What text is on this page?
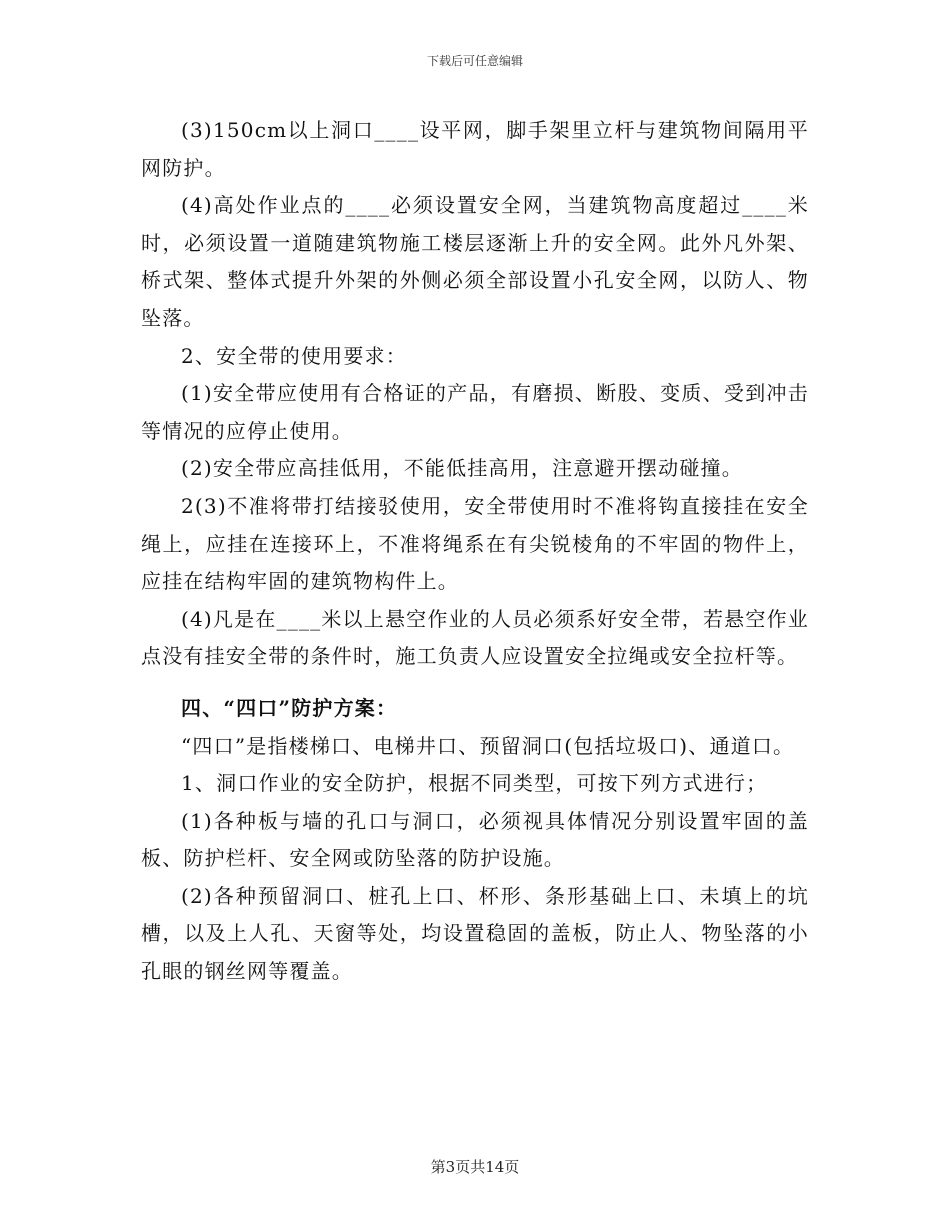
下载后可任意编辑

(3)150cm以上洞口____设平网，脚手架里立杆与建筑物间隔用平网防护。

(4)高处作业点的____必须设置安全网，当建筑物高度超过____米时，必须设置一道随建筑物施工楼层逐渐上升的安全网。此外凡外架、桥式架、整体式提升外架的外侧必须全部设置小孔安全网，以防人、物坠落。

2、安全带的使用要求：

(1)安全带应使用有合格证的产品，有磨损、断股、变质、受到冲击等情况的应停止使用。

(2)安全带应高挂低用，不能低挂高用，注意避开摆动碰撞。

2(3)不准将带打结接驳使用，安全带使用时不准将钩直接挂在安全绳上，应挂在连接环上，不准将绳系在有尖锐棱角的不牢固的物件上，应挂在结构牢固的建筑物构件上。

(4)凡是在____米以上悬空作业的人员必须系好安全带，若悬空作业点没有挂安全带的条件时，施工负责人应设置安全拉绳或安全拉杆等。

四、“四口”防护方案：

“四口”是指楼梯口、电梯井口、预留洞口(包括垃圾口)、通道口。

1、洞口作业的安全防护，根据不同类型，可按下列方式进行；

(1)各种板与墙的孔口与洞口，必须视具体情况分别设置牢固的盖板、防护栏杆、安全网或防坠落的防护设施。

(2)各种预留洞口、桩孔上口、杯形、条形基础上口、未填上的坑槽，以及上人孔、天窗等处，均设置稳固的盖板，防止人、物坠落的小孔眼的钢丝网等覆盖。

第3页共14页
